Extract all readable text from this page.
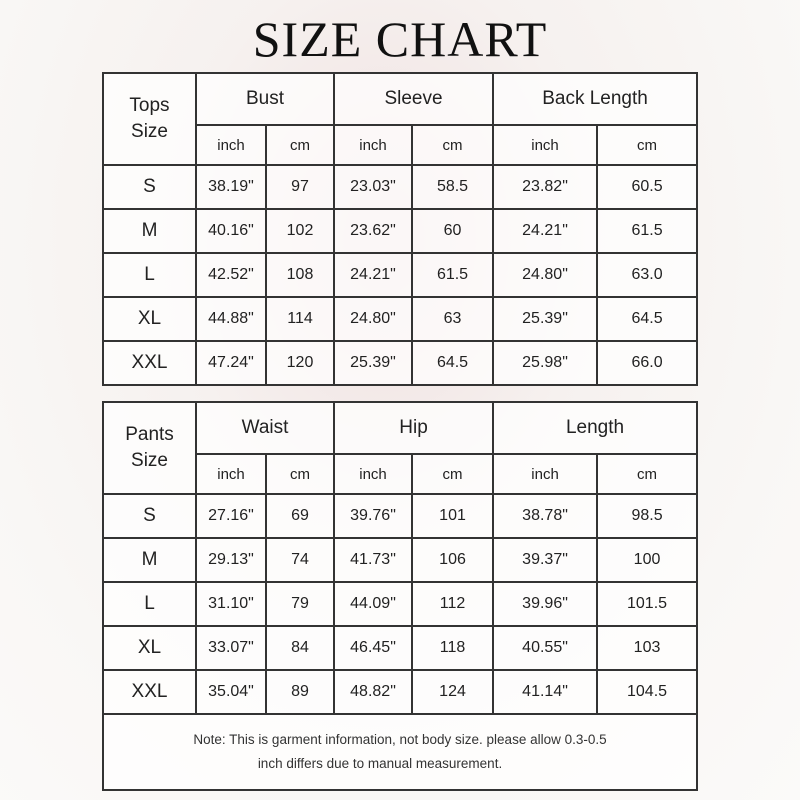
SIZE CHART
Tops
Size	Bust		Sleeve		Back Length	
	inch	cm	inch	cm	inch	cm
S	38.19"	97	23.03"	58.5	23.82"	60.5
M	40.16"	102	23.62"	60	24.21"	61.5
L	42.52"	108	24.21"	61.5	24.80"	63.0
XL	44.88"	114	24.80"	63	25.39"	64.5
XXL	47.24"	120	25.39"	64.5	25.98"	66.0
Pants
Size	Waist		Hip		Length	
	inch	cm	inch	cm	inch	cm
S	27.16"	69	39.76"	101	38.78"	98.5
M	29.13"	74	41.73"	106	39.37"	100
L	31.10"	79	44.09"	112	39.96"	101.5
XL	33.07"	84	46.45"	118	40.55"	103
XXL	35.04"	89	48.82"	124	41.14"	104.5

Note: This is garment information, not body size. please allow 0.3-0.5
inch differs due to manual measurement.						
